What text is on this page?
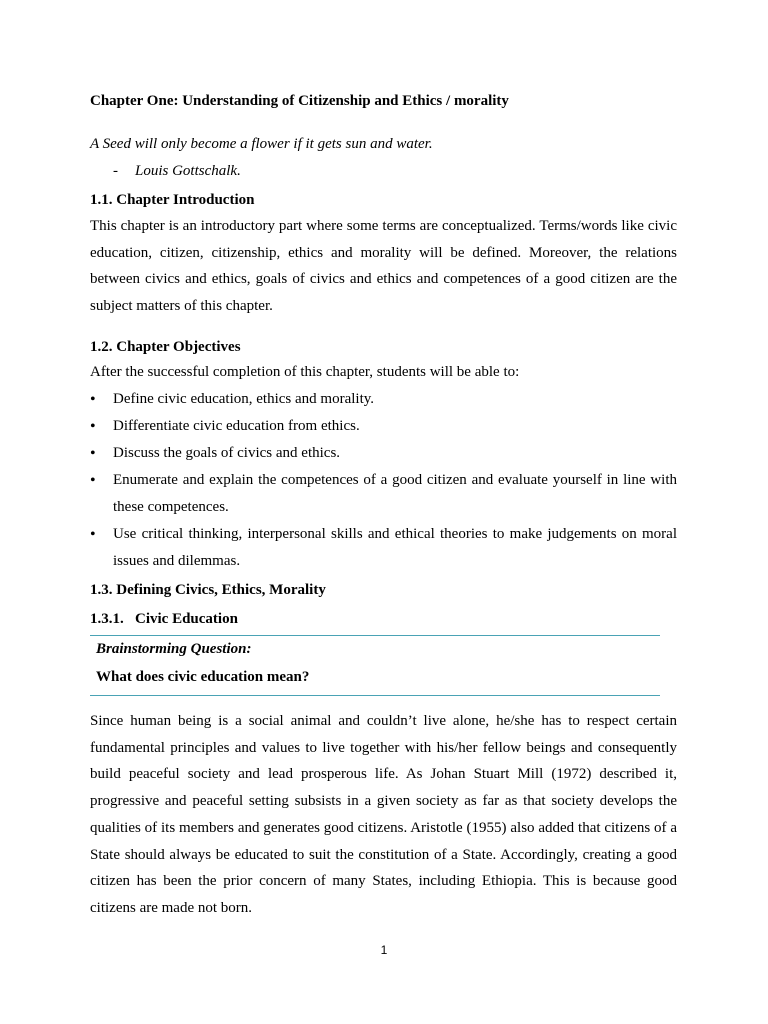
Chapter One: Understanding of Citizenship and Ethics / morality

A Seed will only become a flower if it gets sun and water.

- Louis Gottschalk.

1.1. Chapter Introduction

This chapter is an introductory part where some terms are conceptualized. Terms/words like civic education, citizen, citizenship, ethics and morality will be defined. Moreover, the relations between civics and ethics, goals of civics and ethics and competences of a good citizen are the subject matters of this chapter.

1.2. Chapter Objectives

After the successful completion of this chapter, students will be able to:

• Define civic education, ethics and morality.
• Differentiate civic education from ethics.
• Discuss the goals of civics and ethics.
• Enumerate and explain the competences of a good citizen and evaluate yourself in line with these competences.
• Use critical thinking, interpersonal skills and ethical theories to make judgements on moral issues and dilemmas.

1.3. Defining Civics, Ethics, Morality

1.3.1. Civic Education

Brainstorming Question:

What does civic education mean?

Since human being is a social animal and couldn’t live alone, he/she has to respect certain fundamental principles and values to live together with his/her fellow beings and consequently build peaceful society and lead prosperous life. As Johan Stuart Mill (1972) described it, progressive and peaceful setting subsists in a given society as far as that society develops the qualities of its members and generates good citizens. Aristotle (1955) also added that citizens of a State should always be educated to suit the constitution of a State. Accordingly, creating a good citizen has been the prior concern of many States, including Ethiopia. This is because good citizens are made not born.

1
